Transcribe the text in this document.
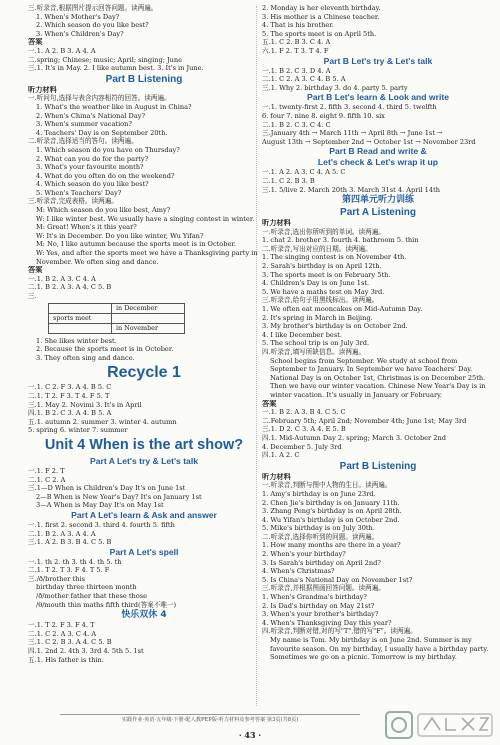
三.听录音,根据图片提示回答问题。读两遍。
1. When's Mother's Day?
2. Which season do you like best?
3. When's Children's Day?
答案
一.1. A 2. B 3. A 4. A
二.spring; Chinese; music; April; singing; June
三.1. It's in May. 2. I like autumn best. 3. It's in June.
Part B Listening
听力材料
一.听问句,选择与表含内容相符的回答。读两遍。
1. What's the weather like in August in China?
2. When's China's National Day?
3. When's summer vacation?
4. Teachers' Day is on September 20th.
二.听录音,选择适当的答句。读两遍。
1. Which season do you have on Thursday?
2. What can you do for the party?
3. What's your favourite month?
4. What do you often do on the weekend?
4. Which season do you like best?
5. When's Teachers' Day?
三.听录音,完成表格。读两遍。
M: Which season do you like best, Amy?
W: I like winter best. We usually have a singing contest in winter.
M: Great! When's it this year?
W: It's in December. Do you like winter, Wu Yifan?
M: No, I like autumn because the sports meet is in October.
W: Yes, and after the sports meet we have a Thanksgiving party in November. We often sing and dance.
答案
一.1. B 2. A 3. C 4. A
二.1. B 2. A 3. A 4. C 5. B
三.
	in December
sports meet	
	in November
1. She likes winter best.
2. Because the sports meet is in October.
3. They often sing and dance.
Recycle 1
一.1. C 2. F 3. A 4. B 5. C
二.1. T 2. F 3. T 4. F 5. T
三.1. May 2. Novimi 3. It's in April
四.1. B 2. C 3. A 4. B 5. A
五.1. autumn 2. summer 3. winter 4. autumn
5. spring 6. winter 7. summer
Unit 4 When is the art show?
Part A Let's try & Let's talk
一.1. F 2. T
二.1. C 2. A
三.1—D When is Children's Day It's on June 1st
2—B When is New Year's Day? It's on January 1st
3—A When is May Day It's on May 1st
Part A Let's learn & Ask and answer
一.1. first 2. second 3. third 4. fourth 5. fifth
二.1. B 2. A 3. A 4. A
三.1. A 2. B 3. B 4. C 5. B
Part A Let's spell
一.1. th 2. th 3. th 4. th 5. th
二.1. T 2. T 3. F 4. T 5. F
三./ð/brother this
birthday three thirteen month
/ð/mother father that these those
/θ/mouth thin maths fifth third(答案不唯一)
快乐双休 4
一.1. T 2. F 3. F 4. T
二.1. C 2. A 3. C 4. A
三.1. C 2. B 3. A 4. C 5. B
四.1. 2nd 2. 4th 3. 3rd 4. 5th 5. 1st
五.1. His father is thin.
2. Monday is her eleventh birthday.
3. His mother is a Chinese teacher.
4. That is his brother.
5. The sports meet is on April 5th.
五.1. C 2. B 3. C 4. A
六.1. F 2. T 3. T 4. F
Part B Let's try & Let's talk
一.1. B 2. C 3. D 4. A
二.1. C 2. A 3. C 4. B 5. A
三.1. Why 2. birthday 3. do 4. party 5. party
Part B Let's learn & Look and write
一.1. twenty-first 2. fifth 3. second 4. third 5. twelfth
6. four 7. nine 8. eight 9. fifth 10. six
二.1. B 2. C 3. C 4. C
三.January 4th → March 11th → April 8th → June 1st →
August 13th → September 2nd → October 1st → November 23rd
Part B Read and write &
Let's check & Let's wrap it up
一.1. A 2. A 3. C 4. A 5. C
二.1. C 2. B 3. B
三.1. 5/live 2. March 20th 3. March 31st 4. April 14th
第四单元听力训练
Part A Listening
听力材料
一.听录音,选出你所听到的单词。读两遍。
1. chat 2. brother 3. fourth 4. bathroom 5. thin
二.听录音,写出对应的日期。读两遍。
1. The singing contest is on November 4th.
2. Sarah's birthday is on April 12th.
3. The sports meet is on February 5th.
4. Children's Day is on June 1st.
5. We have a maths test on May 3rd.
三.听录音,给句子用黑线标出。读两遍。
1. We often eat mooncakes on Mid-Autumn Day.
2. It's spring in March in Beijing.
3. My brother's birthday is on October 2nd.
4. I like December best.
5. The school trip is on July 3rd.
四.听录音,填写所缺信息。读两遍。
School begins from September. We study at school from September to January. In September we have Teachers' Day. National Day is on October 1st, Christmas is on December 25th. Then we have our winter vacation. Chinese New Year's Day is in winter vacation. It's usually in January or February.
答案
一.1. B 2. A 3. B 4. C 5. C
二.February 5th; April 2nd; November 4th; June 1st; May 3rd
三.1. D 2. C 3. A 4. E 5. B
四.1. Mid-Autumn Day 2. spring; March 3. October 2nd
4. December 5. July 3rd
四.1. A 2. C
Part B Listening
听力材料
一.听录音,判断与图中人物的生日。读两遍。
1. Amy's birthday is on June 23rd.
2. Chen Jie's birthday is on January 11th.
3. Zhang Peng's birthday is on April 28th.
4. Wu Yifan's birthday is on October 2nd.
5. Mike's birthday is on July 30th.
二.听录音,选择你听到的问题。读两遍。
1. How many months are there in a year?
2. When's your birthday?
3. Is Sarah's birthday on April 2nd?
4. When's Christmas?
5. Is China's National Day on November 1st?
三.听录音,并根据图画回答问题。读两遍。
1. When's Grandma's birthday?
2. Is Dad's birthday on May 21st?
3. When's your brother's birthday?
4. When's Thanksgiving Day this year?
四.听录音,判断对错,对的写"T",错的写"F"。读两遍。
My name is Tom. My birthday is on June 2nd. Summer is my favourite season. On my birthday, I usually have a birthday party. Sometimes we go on a picnic. Tomorrow is my birthday.
实践作业·英语·五年级·下册·配人教PEP版·听力材料及参考答案 第3页(共8页)
· 43 ·
